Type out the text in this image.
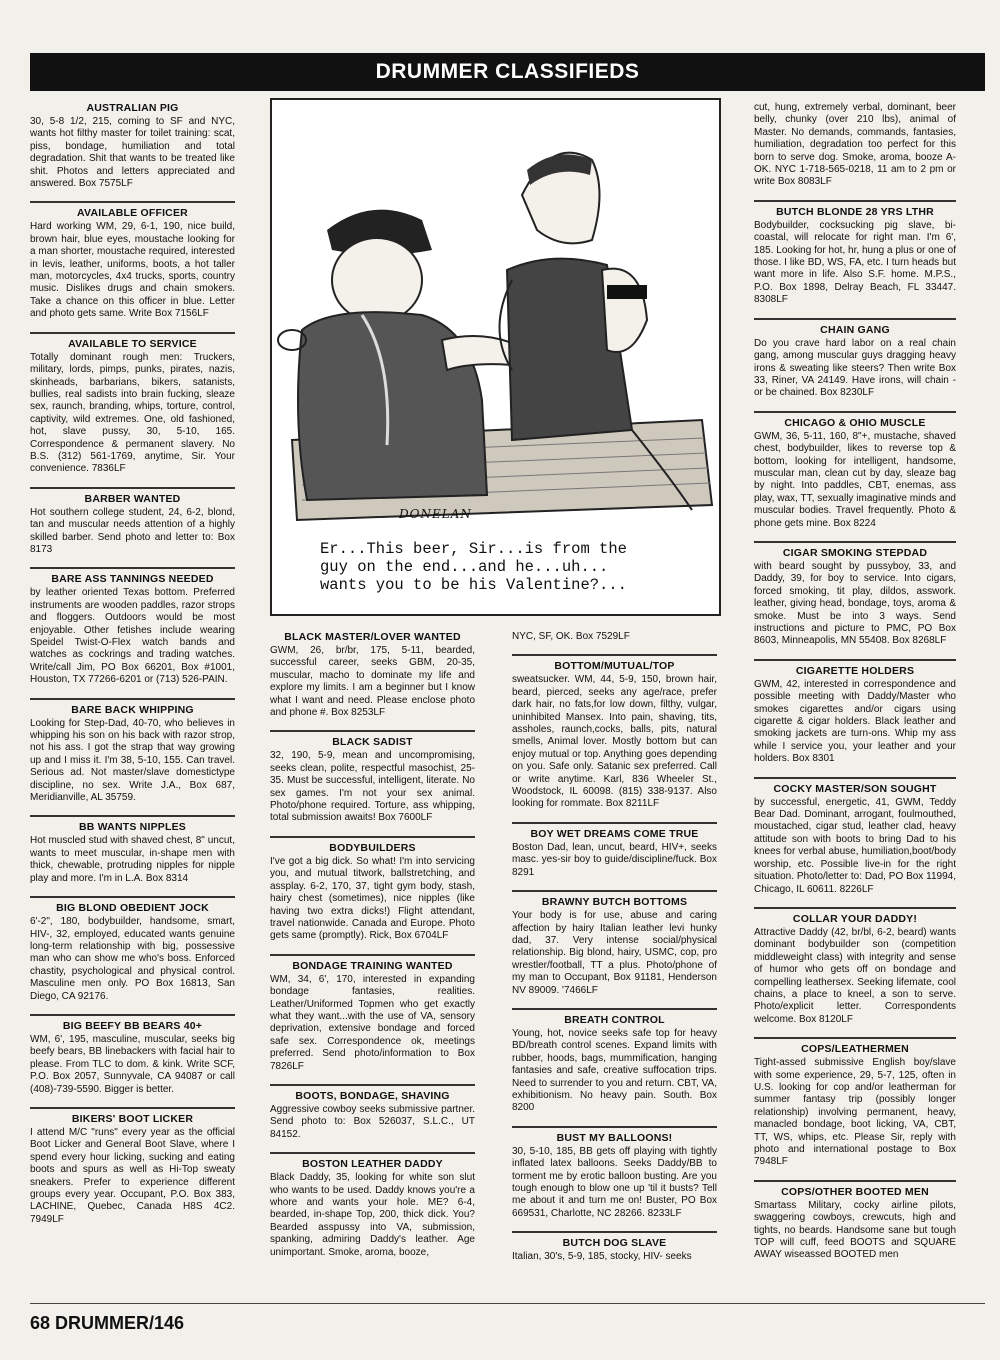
DRUMMER CLASSIFIEDS
AUSTRALIAN PIG
30, 5-8 1/2, 215, coming to SF and NYC, wants hot filthy master for toilet training: scat, piss, bondage, humiliation and total degradation. Shit that wants to be treated like shit. Photos and letters appreciated and answered. Box 7575LF
AVAILABLE OFFICER
Hard working WM, 29, 6-1, 190, nice build, brown hair, blue eyes, moustache looking for a man shorter, moustache required, interested in levis, leather, uniforms, boots, a hot taller man, motorcycles, 4x4 trucks, sports, country music. Dislikes drugs and chain smokers. Take a chance on this officer in blue. Letter and photo gets same. Write Box 7156LF
AVAILABLE TO SERVICE
Totally dominant rough men: Truckers, military, lords, pimps, punks, pirates, nazis, skinheads, barbarians, bikers, satanists, bullies, real sadists into brain fucking, sleaze sex, raunch, branding, whips, torture, control, captivity, wild extremes. One, old fashioned, hot, slave pussy, 30, 5-10, 165. Correspondence & permanent slavery. No B.S. (312) 561-1769, anytime, Sir. Your convenience. 7836LF
BARBER WANTED
Hot southern college student, 24, 6-2, blond, tan and muscular needs attention of a highly skilled barber. Send photo and letter to: Box 8173
BARE ASS TANNINGS NEEDED
by leather oriented Texas bottom. Preferred instruments are wooden paddles, razor strops and floggers. Outdoors would be most enjoyable. Other fetishes include wearing Speidel Twist-O-Flex watch bands and watches as cockrings and trading watches. Write/call Jim, PO Box 66201, Box #1001, Houston, TX 77266-6201 or (713) 526-PAIN.
BARE BACK WHIPPING
Looking for Step-Dad, 40-70, who believes in whipping his son on his back with razor strop, not his ass. I got the strap that way growing up and I miss it. I'm 38, 5-10, 155. Can travel. Serious ad. Not master/slave domestictype discipline, no sex. Write J.A., Box 687, Meridianville, AL 35759.
BB WANTS NIPPLES
Hot muscled stud with shaved chest, 8" uncut, wants to meet muscular, in-shape men with thick, chewable, protruding nipples for nipple play and more. I'm in L.A. Box 8314
BIG BLOND OBEDIENT JOCK
6'-2", 180, bodybuilder, handsome, smart, HIV-, 32, employed, educated wants genuine long-term relationship with big, possessive man who can show me who's boss. Enforced chastity, psychological and physical control. Masculine men only. PO Box 16813, San Diego, CA 92176.
BIG BEEFY BB BEARS 40+
WM, 6', 195, masculine, muscular, seeks big beefy bears, BB linebackers with facial hair to please. From TLC to dom. & kink. Write SCF, P.O. Box 2057, Sunnyvale, CA 94087 or call (408)-739-5590. Bigger is better.
BIKERS' BOOT LICKER
I attend M/C "runs" every year as the official Boot Licker and General Boot Slave, where I spend every hour licking, sucking and eating boots and spurs as well as Hi-Top sweaty sneakers. Prefer to experience different groups every year. Occupant, P.O. Box 383, LACHINE, Quebec, Canada H8S 4C2. 7949LF
DONELAN
Er...This beer, Sir...is from the
guy on the end...and he...uh...
wants you to be his Valentine?...
BLACK MASTER/LOVER WANTED
GWM, 26, br/br, 175, 5-11, bearded, successful career, seeks GBM, 20-35, muscular, macho to dominate my life and explore my limits. I am a beginner but I know what I want and need. Please enclose photo and phone #. Box 8253LF
BLACK SADIST
32, 190, 5-9, mean and uncompromising, seeks clean, polite, respectful masochist, 25-35. Must be successful, intelligent, literate. No sex games. I'm not your sex animal. Photo/phone required. Torture, ass whipping, total submission awaits! Box 7600LF
BODYBUILDERS
I've got a big dick. So what! I'm into servicing you, and mutual titwork, ballstretching, and assplay. 6-2, 170, 37, tight gym body, stash, hairy chest (sometimes), nice nipples (like having two extra dicks!) Flight attendant, travel nationwide. Canada and Europe. Photo gets same (promptly). Rick, Box 6704LF
BONDAGE TRAINING WANTED
WM, 34, 6', 170, interested in expanding bondage fantasies, realities. Leather/Uniformed Topmen who get exactly what they want...with the use of VA, sensory deprivation, extensive bondage and forced safe sex. Correspondence ok, meetings preferred. Send photo/information to Box 7826LF
BOOTS, BONDAGE, SHAVING
Aggressive cowboy seeks submissive partner. Send photo to: Box 526037, S.L.C., UT 84152.
BOSTON LEATHER DADDY
Black Daddy, 35, looking for white son slut who wants to be used. Daddy knows you're a whore and wants your hole. ME? 6-4, bearded, in-shape Top, 200, thick dick. You? Bearded asspussy into VA, submission, spanking, admiring Daddy's leather. Age unimportant. Smoke, aroma, booze,
NYC, SF, OK. Box 7529LF
BOTTOM/MUTUAL/TOP
sweatsucker. WM, 44, 5-9, 150, brown hair, beard, pierced, seeks any age/race, prefer dark hair, no fats,for low down, filthy, vulgar, uninhibited Mansex. Into pain, shaving, tits, assholes, raunch,cocks, balls, pits, natural smells, Animal lover. Mostly bottom but can enjoy mutual or top. Anything goes depending on you. Safe only. Satanic sex preferred. Call or write anytime. Karl, 836 Wheeler St., Woodstock, IL 60098. (815) 338-9137. Also looking for rommate. Box 8211LF
BOY WET DREAMS COME TRUE
Boston Dad, lean, uncut, beard, HIV+, seeks masc. yes-sir boy to guide/discipline/fuck. Box 8291
BRAWNY BUTCH BOTTOMS
Your body is for use, abuse and caring affection by hairy Italian leather levi hunky dad, 37. Very intense social/physical relationship. Big blond, hairy, USMC, cop, pro wrestler/football, TT a plus. Photo/phone of my man to Occupant, Box 91181, Henderson NV 89009. '7466LF
BREATH CONTROL
Young, hot, novice seeks safe top for heavy BD/breath control scenes. Expand limits with rubber, hoods, bags, mummification, hanging fantasies and safe, creative suffocation trips. Need to surrender to you and return. CBT, VA, exhibitionism. No heavy pain. South. Box 8200
BUST MY BALLOONS!
30, 5-10, 185, BB gets off playing with tightly inflated latex balloons. Seeks Daddy/BB to torment me by erotic balloon busting. Are you tough enough to blow one up 'til it busts? Tell me about it and turn me on! Buster, PO Box 669531, Charlotte, NC 28266. 8233LF
BUTCH DOG SLAVE
Italian, 30's, 5-9, 185, stocky, HIV- seeks
cut, hung, extremely verbal, dominant, beer belly, chunky (over 210 lbs), animal of Master. No demands, commands, fantasies, humiliation, degradation too perfect for this born to serve dog. Smoke, aroma, booze A-OK. NYC 1-718-565-0218, 11 am to 2 pm or write Box 8083LF
BUTCH BLONDE 28 YRS LTHR
Bodybuilder, cocksucking pig slave, bi-coastal, will relocate for right man. I'm 6', 185. Looking for hot, hr, hung a plus or one of those. I like BD, WS, FA, etc. I turn heads but want more in life. Also S.F. home. M.P.S., P.O. Box 1898, Delray Beach, FL 33447. 8308LF
CHAIN GANG
Do you crave hard labor on a real chain gang, among muscular guys dragging heavy irons & sweating like steers? Then write Box 33, Riner, VA 24149. Have irons, will chain - or be chained. Box 8230LF
CHICAGO & OHIO MUSCLE
GWM, 36, 5-11, 160, 8"+, mustache, shaved chest, bodybuilder, likes to reverse top & bottom, looking for intelligent, handsome, muscular man, clean cut by day, sleaze bag by night. Into paddles, CBT, enemas, ass play, wax, TT, sexually imaginative minds and muscular bodies. Travel frequently. Photo & phone gets mine. Box 8224
CIGAR SMOKING STEPDAD
with beard sought by pussyboy, 33, and Daddy, 39, for boy to service. Into cigars, forced smoking, tit play, dildos, asswork. leather, giving head, bondage, toys, aroma & smoke. Must be into 3 ways. Send instructions and picture to PMC, PO Box 8603, Minneapolis, MN 55408. Box 8268LF
CIGARETTE HOLDERS
GWM, 42, interested in correspondence and possible meeting with Daddy/Master who smokes cigarettes and/or cigars using cigarette & cigar holders. Black leather and smoking jackets are turn-ons. Whip my ass while I service you, your leather and your holders. Box 8301
COCKY MASTER/SON SOUGHT
by successful, energetic, 41, GWM, Teddy Bear Dad. Dominant, arrogant, foulmouthed, moustached, cigar stud, leather clad, heavy attitude son with boots to bring Dad to his knees for verbal abuse, humiliation,boot/body worship, etc. Possible live-in for the right situation. Photo/letter to: Dad, PO Box 11994, Chicago, IL 60611. 8226LF
COLLAR YOUR DADDY!
Attractive Daddy (42, br/bl, 6-2, beard) wants dominant bodybuilder son (competition middleweight class) with integrity and sense of humor who gets off on bondage and compelling leathersex. Seeking lifemate, cool chains, a place to kneel, a son to serve. Photo/explicit letter. Correspondents welcome. Box 8120LF
COPS/LEATHERMEN
Tight-assed submissive English boy/slave with some experience, 29, 5-7, 125, often in U.S. looking for cop and/or leatherman for summer fantasy trip (possibly longer relationship) involving permanent, heavy, manacled bondage, boot licking, VA, CBT, TT, WS, whips, etc. Please Sir, reply with photo and international postage to Box 7948LF
COPS/OTHER BOOTED MEN
Smartass Military, cocky airline pilots, swaggering cowboys, crewcuts, high and tights, no beards. Handsome sane but tough TOP will cuff, feed BOOTS and SQUARE AWAY wiseassed BOOTED men
68 DRUMMER/146
